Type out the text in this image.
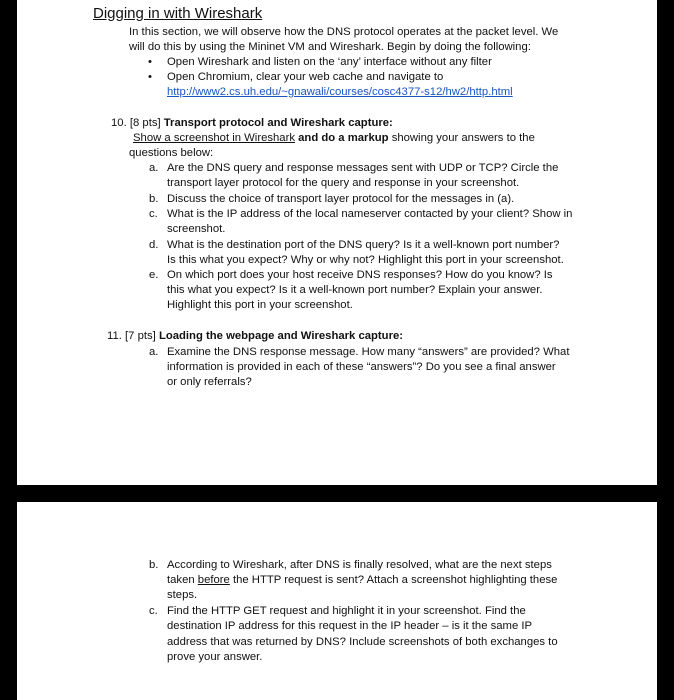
Digging in with Wireshark
In this section, we will observe how the DNS protocol operates at the packet level. We
will do this by using the Mininet VM and Wireshark. Begin by doing the following:
• Open Wireshark and listen on the ‘any’ interface without any filter
• Open Chromium, clear your web cache and navigate to
http://www2.cs.uh.edu/~gnawali/courses/cosc4377-s12/hw2/http.html
10. [8 pts] Transport protocol and Wireshark capture:
Show a screenshot in Wireshark and do a markup showing your answers to the
questions below:
a. Are the DNS query and response messages sent with UDP or TCP? Circle the
transport layer protocol for the query and response in your screenshot.
b. Discuss the choice of transport layer protocol for the messages in (a).
c. What is the IP address of the local nameserver contacted by your client? Show in
screenshot.
d. What is the destination port of the DNS query? Is it a well-known port number?
Is this what you expect? Why or why not? Highlight this port in your screenshot.
e. On which port does your host receive DNS responses? How do you know? Is
this what you expect? Is it a well-known port number? Explain your answer.
Highlight this port in your screenshot.
11. [7 pts] Loading the webpage and Wireshark capture:
a. Examine the DNS response message. How many “answers” are provided? What
information is provided in each of these “answers”? Do you see a final answer
or only referrals?
b. According to Wireshark, after DNS is finally resolved, what are the next steps
taken before the HTTP request is sent? Attach a screenshot highlighting these
steps.
c. Find the HTTP GET request and highlight it in your screenshot. Find the
destination IP address for this request in the IP header – is it the same IP
address that was returned by DNS? Include screenshots of both exchanges to
prove your answer.
